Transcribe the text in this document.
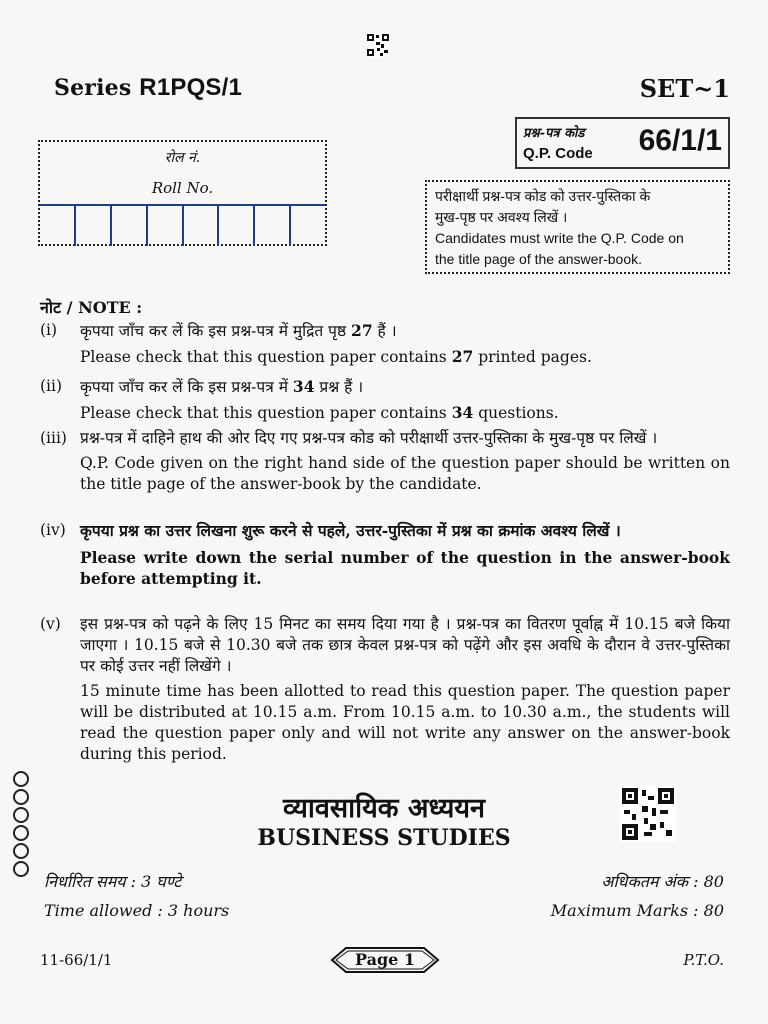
Series R1PQS/1	SET~1
रोल नं.
Roll No.
प्रश्न-पत्र कोड
Q.P. Code 66/1/1
परीक्षार्थी प्रश्न-पत्र कोड को उत्तर-पुस्तिका के
मुख-पृष्ठ पर अवश्य लिखें ।
Candidates must write the Q.P. Code on
the title page of the answer-book.
नोट / NOTE :
(i)	कृपया जाँच कर लें कि इस प्रश्न-पत्र में मुद्रित पृष्ठ 27 हैं ।
Please check that this question paper contains 27 printed pages.
(ii)	कृपया जाँच कर लें कि इस प्रश्न-पत्र में 34 प्रश्न हैं ।
Please check that this question paper contains 34 questions.
(iii) प्रश्न-पत्र में दाहिने हाथ की ओर दिए गए प्रश्न-पत्र कोड को परीक्षार्थी उत्तर-पुस्तिका के मुख-पृष्ठ पर लिखें ।
Q.P. Code given on the right hand side of the question paper should be written on the title page of the answer-book by the candidate.
(iv) कृपया प्रश्न का उत्तर लिखना शुरू करने से पहले, उत्तर-पुस्तिका में प्रश्न का क्रमांक अवश्य लिखें ।
Please write down the serial number of the question in the answer-book before attempting it.
(v)	इस प्रश्न-पत्र को पढ़ने के लिए 15 मिनट का समय दिया गया है । प्रश्न-पत्र का वितरण पूर्वाह्न में 10.15 बजे किया जाएगा । 10.15 बजे से 10.30 बजे तक छात्र केवल प्रश्न-पत्र को पढ़ेंगे और इस अवधि के दौरान वे उत्तर-पुस्तिका पर कोई उत्तर नहीं लिखेंगे ।
15 minute time has been allotted to read this question paper. The question paper will be distributed at 10.15 a.m. From 10.15 a.m. to 10.30 a.m., the students will read the question paper only and will not write any answer on the answer-book during this period.
व्यावसायिक अध्ययन
BUSINESS STUDIES
निर्धारित समय : 3 घण्टे	अधिकतम अंक : 80
Time allowed : 3 hours	Maximum Marks : 80
11-66/1/1	Page 1	P.T.O.
